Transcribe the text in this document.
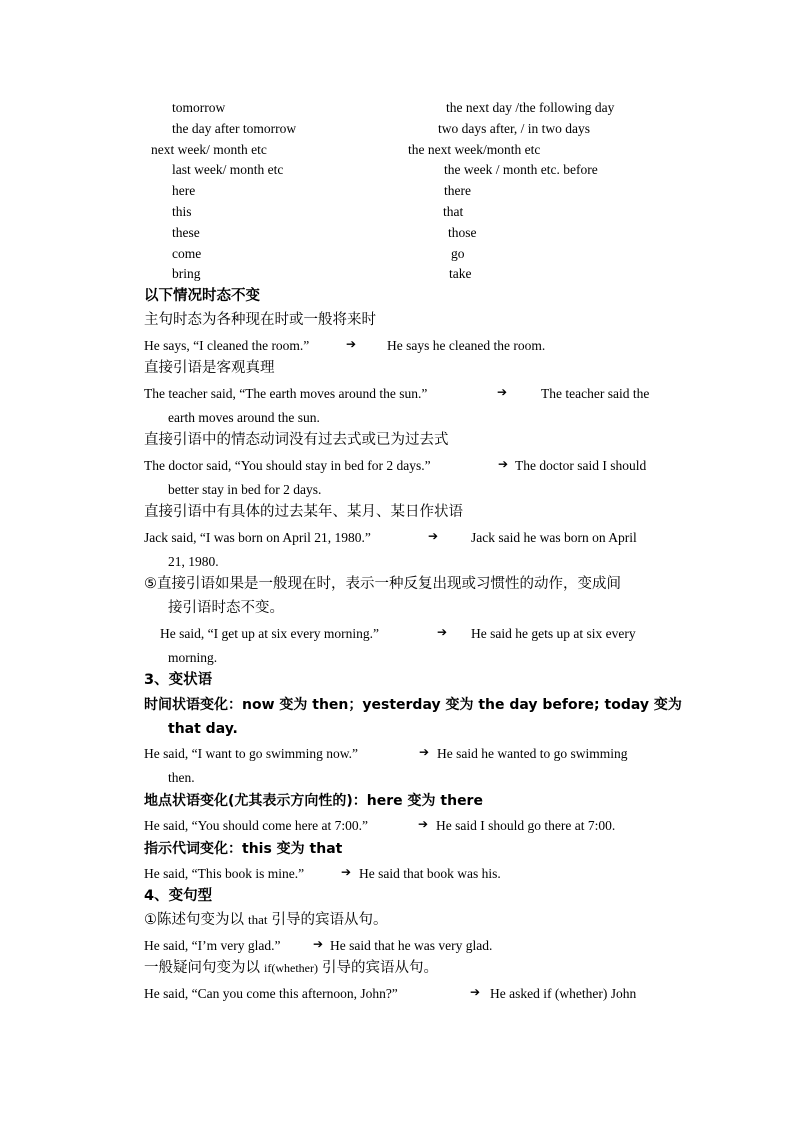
tomorrow	the next day /the following day
the day after tomorrow	two days after, / in two days
next week/ month etc	the next week/month etc
last week/ month etc	the week / month etc. before
here	there
this	that
these	those
come	go
bring	take
以下情况时态不变
主句时态为各种现在时或一般将来时
He says, “I cleaned the room.”	➔ He says he cleaned the room.
直接引语是客观真理
The teacher said, “The earth moves around the sun.”	➔	The teacher said the
earth moves around the sun.
直接引语中的情态动词没有过去式或已为过去式
The doctor said, “You should stay in bed for 2 days.”	➔ The doctor said I should
better stay in bed for 2 days.
直接引语中有具体的过去某年、某月、某日作状语
Jack said, “I was born on April 21, 1980.”	➔ Jack said he was born on April
21, 1980.
⑤直接引语如果是一般现在时，表示一种反复出现或习惯性的动作，变成间
接引语时态不变。
He said, “I get up at six every morning.”	➔ He said he gets up at six every
morning.
3、变状语
时间状语变化：now 变为 then；yesterday 变为 the day before; today 变为
that day.
He said, “I want to go swimming now.”	➔ He said he wanted to go swimming
then.
地点状语变化(尤其表示方向性的)：here 变为 there
He said, “You should come here at 7:00.”	➔ He said I should go there at 7:00.
指示代词变化：this 变为 that
He said, “This book is mine.”	➔ He said that book was his.
4、变句型
①陈述句变为以 that 引导的宾语从句。
He said, “I’m very glad.”	➔ He said that he was very glad.
一般疑问句变为以 if(whether) 引导的宾语从句。
He said, “Can you come this afternoon, John?”	➔ He asked if (whether) John
